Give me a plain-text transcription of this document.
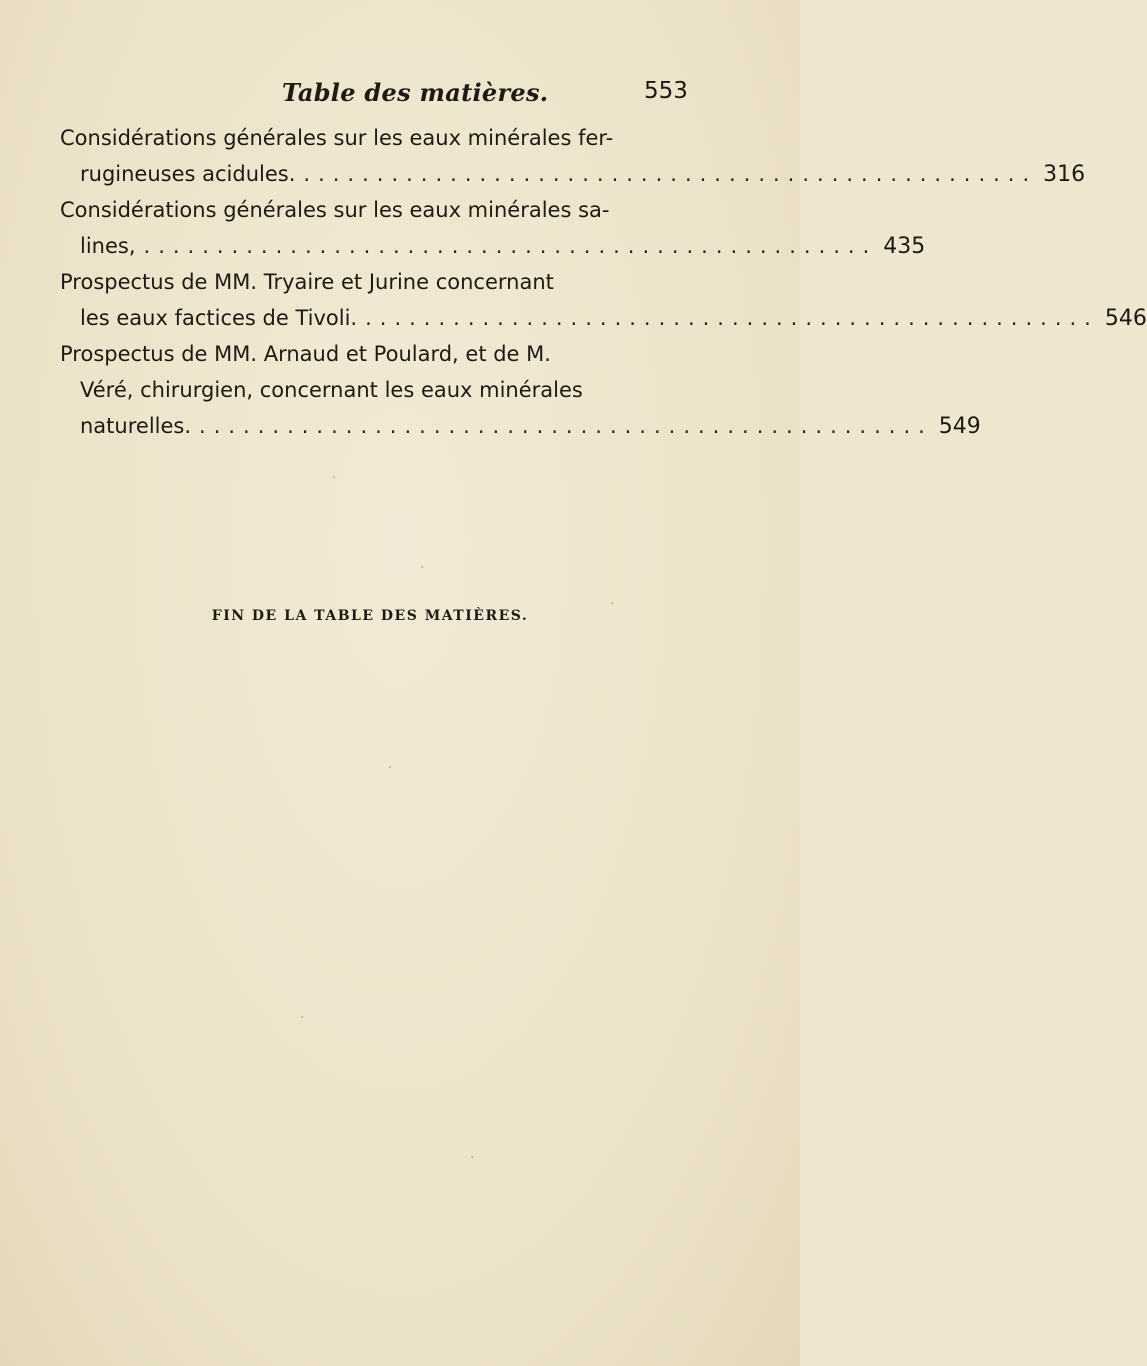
Table des matières.	553
Considérations générales sur les eaux minérales fer-
rugineuses acidules. .................................................. 316
Considérations générales sur les eaux minérales sa-
lines, .................................................. 435
Prospectus de MM. Tryaire et Jurine concernant
les eaux factices de Tivoli. .................................................. 546
Prospectus de MM. Arnaud et Poulard, et de M.
Véré, chirurgien, concernant les eaux minérales
naturelles. .................................................. 549
FIN DE LA TABLE DES MATIÈRES.
·
·
·
·
·
·
